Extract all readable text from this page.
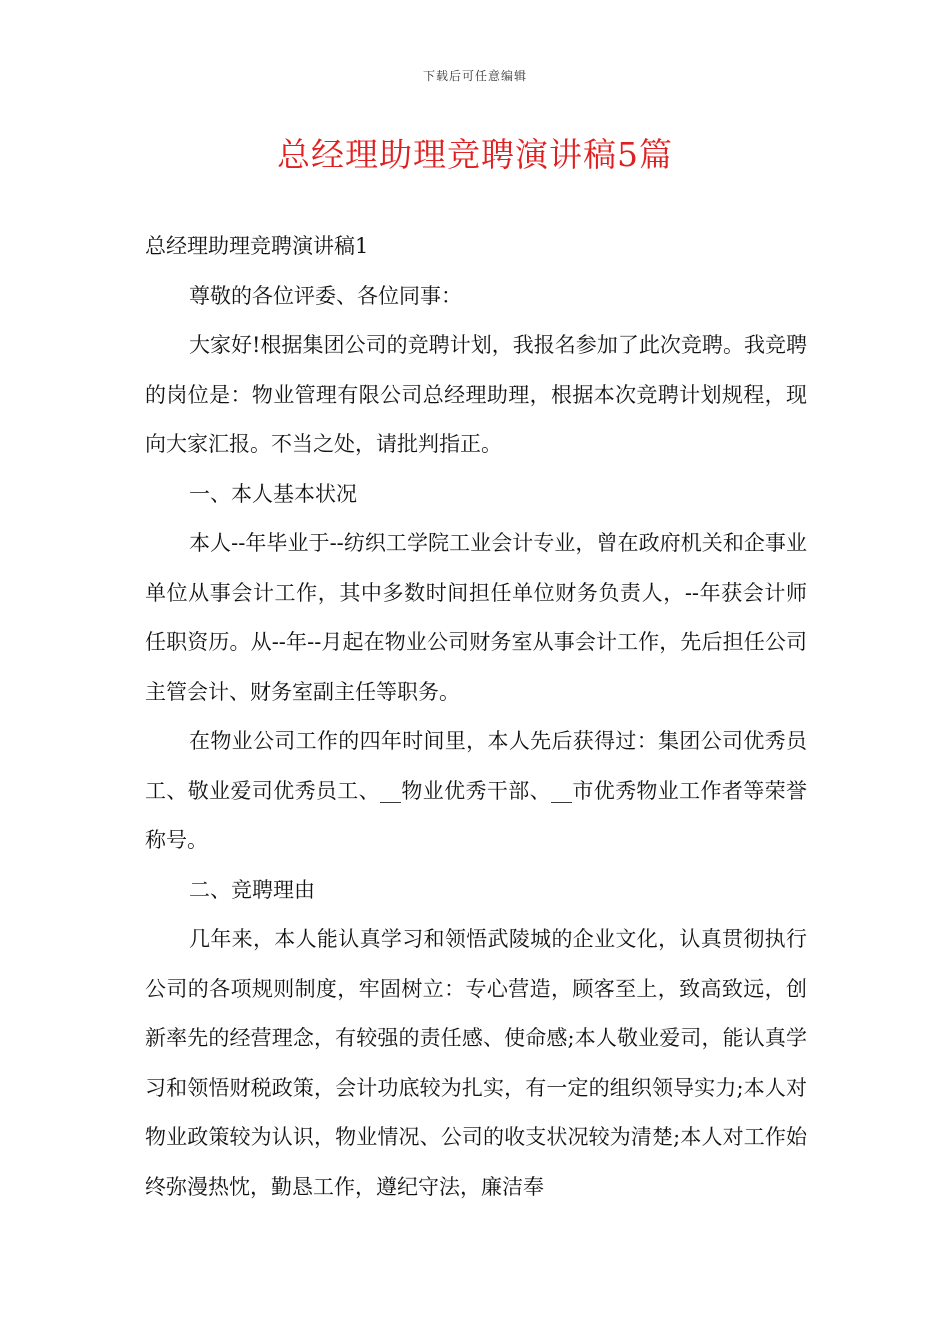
下载后可任意编辑
总经理助理竞聘演讲稿5篇

总经理助理竞聘演讲稿1

尊敬的各位评委、各位同事：

大家好!根据集团公司的竞聘计划，我报名参加了此次竞聘。我竞聘的岗位是：物业管理有限公司总经理助理，根据本次竞聘计划规程，现向大家汇报。不当之处，请批判指正。

一、本人基本状况

本人--年毕业于--纺织工学院工业会计专业，曾在政府机关和企事业单位从事会计工作，其中多数时间担任单位财务负责人，--年获会计师任职资历。从--年--月起在物业公司财务室从事会计工作，先后担任公司主管会计、财务室副主任等职务。

在物业公司工作的四年时间里，本人先后获得过：集团公司优秀员工、敬业爱司优秀员工、__物业优秀干部、__市优秀物业工作者等荣誉称号。

二、竞聘理由

几年来，本人能认真学习和领悟武陵城的企业文化，认真贯彻执行公司的各项规则制度，牢固树立：专心营造，顾客至上，致高致远，创新率先的经营理念，有较强的责任感、使命感;本人敬业爱司，能认真学习和领悟财税政策，会计功底较为扎实，有一定的组织领导实力;本人对物业政策较为认识，物业情况、公司的收支状况较为清楚;本人对工作始终弥漫热忱，勤恳工作，遵纪守法，廉洁奉
